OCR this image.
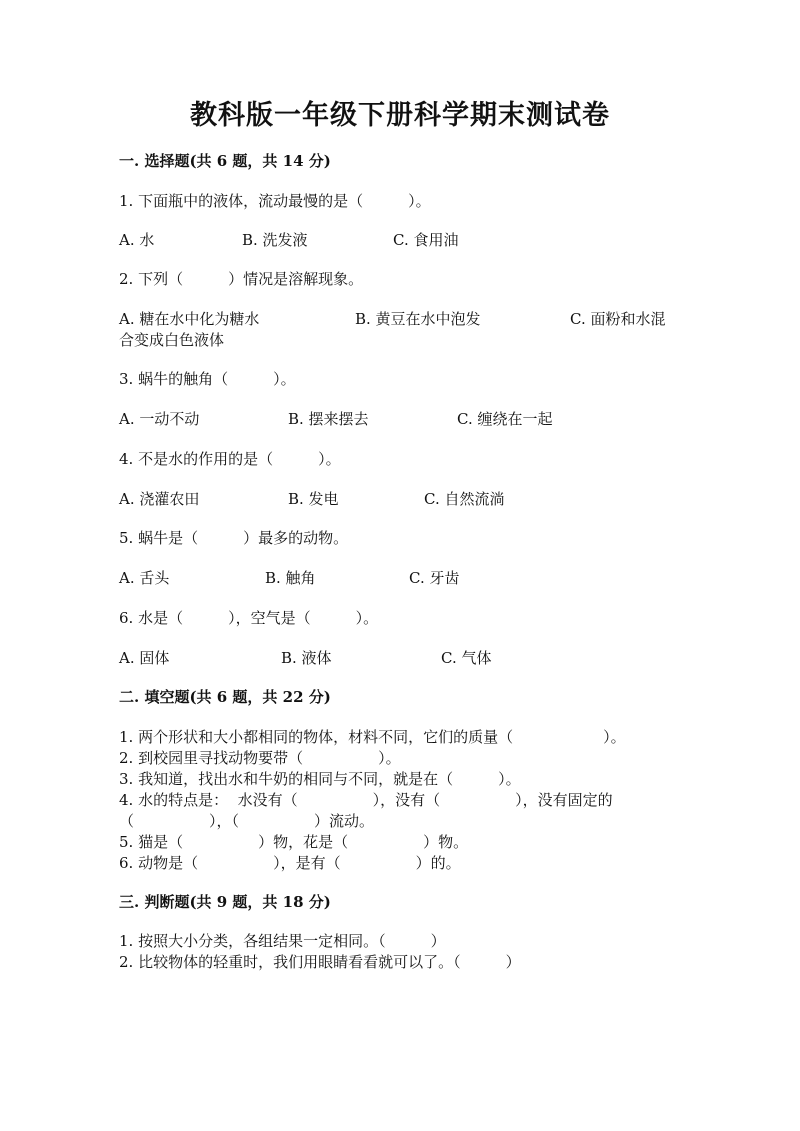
教科版一年级下册科学期末测试卷
一. 选择题(共 6 题，共 14 分)
1. 下面瓶中的液体，流动最慢的是（　　　）。
A. 水	B. 洗发液	C. 食用油
2. 下列（　　　）情况是溶解现象。
A. 糖在水中化为糖水	B. 黄豆在水中泡发	C. 面粉和水混
合变成白色液体
3. 蜗牛的触角（　　　）。
A. 一动不动	B. 摆来摆去	C. 缠绕在一起
4. 不是水的作用的是（　　　）。
A. 浇灌农田	B. 发电	C. 自然流淌
5. 蜗牛是（　　　）最多的动物。
A. 舌头	B. 触角	C. 牙齿
6. 水是（　　　），空气是（　　　）。
A. 固体	B. 液体	C. 气体
二. 填空题(共 6 题，共 22 分)
1. 两个形状和大小都相同的物体，材料不同，它们的质量（　　　　　　）。
2. 到校园里寻找动物要带（　　　　　）。
3. 我知道，找出水和牛奶的相同与不同，就是在（　　　）。
4. 水的特点是：  水没有（　　　　　），没有（　　　　　），没有固定的
（　　　　　），（　　　　　）流动。
5. 猫是（　　　　　）物，花是（　　　　　）物。
6. 动物是（　　　　　），是有（　　　　　）的。
三. 判断题(共 9 题，共 18 分)
1. 按照大小分类，各组结果一定相同。（　　　）
2. 比较物体的轻重时，我们用眼睛看看就可以了。（　　　）
